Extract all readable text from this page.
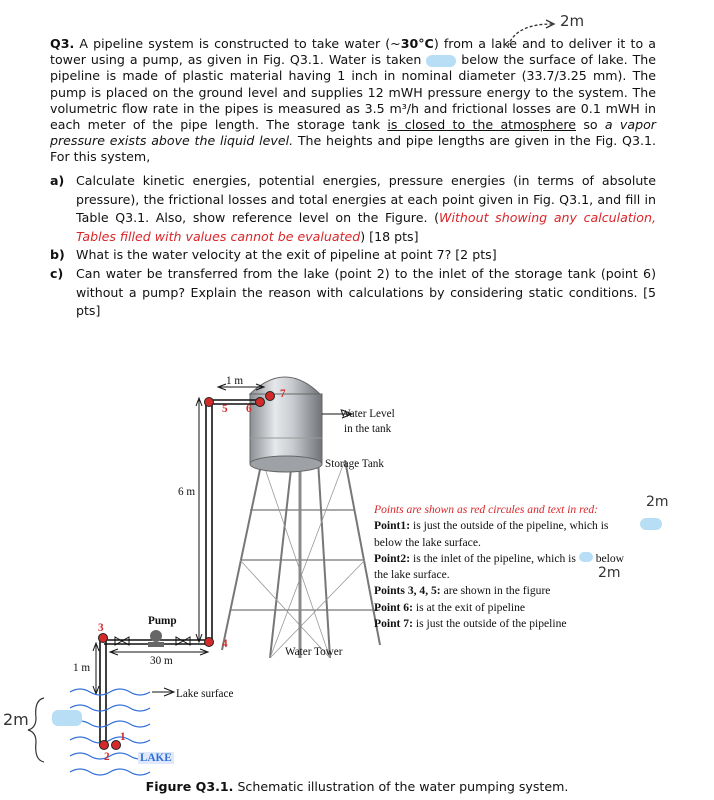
2m
Q3. A pipeline system is constructed to take water (~30°C) from a lake and to deliver it to a tower using a pump, as given in Fig. Q3.1. Water is taken  below the surface of lake. The pipeline is made of plastic material having 1 inch in nominal diameter (33.7/3.25 mm). The pump is placed on the ground level and supplies 12 mWH pressure energy to the system. The volumetric flow rate in the pipes is measured as 3.5 m³/h and frictional losses are 0.1 mWH in each meter of the pipe length. The storage tank is closed to the atmosphere so a vapor pressure exists above the liquid level. The heights and pipe lengths are given in the Fig. Q3.1. For this system,
a) Calculate kinetic energies, potential energies, pressure energies (in terms of absolute pressure), the frictional losses and total energies at each point given in Fig. Q3.1, and fill in Table Q3.1. Also, show reference level on the Figure. (Without showing any calculation, Tables filled with values cannot be evaluated) [18 pts]
b) What is the water velocity at the exit of pipeline at point 7? [2 pts]
c)	Can water be transferred from the lake (point 2) to the inlet of the storage tank (point 6) without a pump? Explain the reason with calculations by considering static conditions. [5 pts]
1 m
6 m
30 m
1 m
Pump
Water Level
in the tank
Storage Tank
Water Tower
Lake surface
LAKE
1
2
3
4
5 6
7
2m
Points are shown as red circules and text in red:
Point1: is just the outside of the pipeline, which is
below the lake surface.
Point2: is the inlet of the pipeline, which is  below
the lake surface.
Points 3, 4, 5: are shown in the figure
Point 6: is at the exit of pipeline
Point 7: is just the outside of the pipeline
2m
2m
Figure Q3.1. Schematic illustration of the water pumping system.
